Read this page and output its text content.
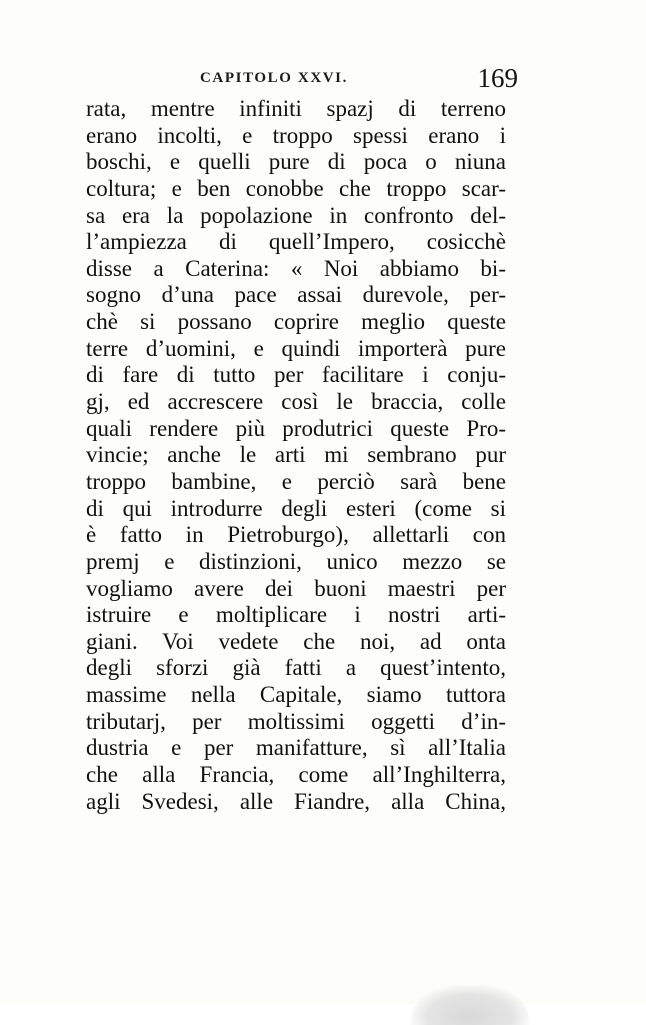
CAPITOLO XXVI.	169
rata, mentre infiniti spazj di terreno
erano incolti, e troppo spessi erano i
boschi, e quelli pure di poca o niuna
coltura; e ben conobbe che troppo scar-
sa era la popolazione in confronto del-
l’ampiezza di quell’Impero, cosicchè
disse a Caterina: « Noi abbiamo bi-
sogno d’una pace assai durevole, per-
chè si possano coprire meglio queste
terre d’uomini, e quindi importerà pure
di fare di tutto per facilitare i conju-
gj, ed accrescere così le braccia, colle
quali rendere più produtrici queste Pro-
vincie; anche le arti mi sembrano pur
troppo bambine, e perciò sarà bene
di qui introdurre degli esteri (come si
è fatto in Pietroburgo), allettarli con
premj e distinzioni, unico mezzo se
vogliamo avere dei buoni maestri per
istruire e moltiplicare i nostri arti-
giani. Voi vedete che noi, ad onta
degli sforzi già fatti a quest’intento,
massime nella Capitale, siamo tuttora
tributarj, per moltissimi oggetti d’in-
dustria e per manifatture, sì all’Italia
che alla Francia, come all’Inghilterra,
agli Svedesi, alle Fiandre, alla China,
